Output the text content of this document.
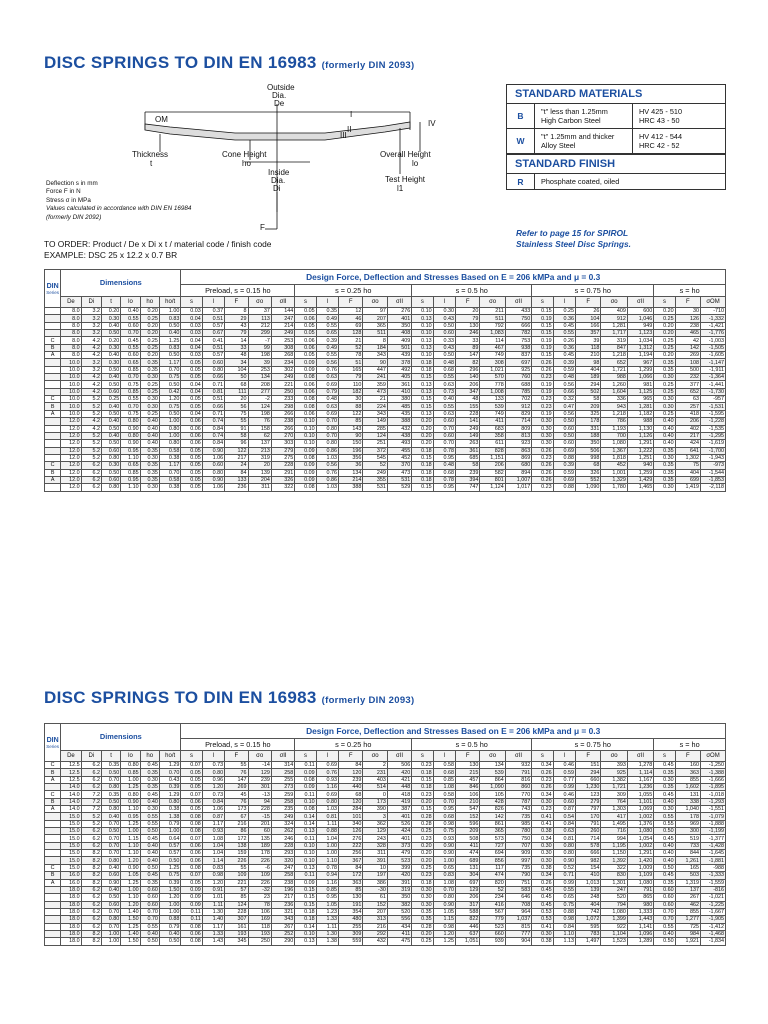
DISC SPRINGS TO DIN EN 16983 (formerly DIN 2093)
Outside
Dia.
De
OM
Thickness
t
Cone Height
ho
Overall Height
lo
Inside
Dia.
Di
Test Height
l1
F
I
II
III
IV
Deflection s in mm
Force F in N
Stress σ in MPa
Values calculated in accordance with DIN EN 16984
(formerly DIN 2092)
TO ORDER: Product / De x Di x t / material code / finish code
EXAMPLE: DSC 25 x 12.2 x 0.7 BR
STANDARD MATERIALS
B	"t" less than 1.25mm
High Carbon Steel
HV 425 - 510
HRC 43 - 50
W	"t" 1.25mm and thicker
Alloy Steel
HV 412 - 544
HRC 42 - 52
STANDARD FINISH
R	Phosphate coated, oiled
Refer to page 15 for SPIROL
Stainless Steel Disc Springs.
DIN
Series	Dimensions						Design Force, Deflection and Stresses Based on E = 206 kMPa and μ = 0.3																						
							Preload, s = 0.15 ho					s = 0.25 ho					s = 0.5 ho					s = 0.75 ho					s = ho		
	De	Di	t	lo	ho	ho/t	s	l	F	σo	σII	s	l	F	σo	σII	s	l	F	σo	σII	s	l	F	σo	σII	s	F	σOM
	8.0	3.2	0.20	0.40	0.20	1.00	0.03	0.37	8	37	144	0.05	0.35	12	97	276	0.10	0.30	20	211	433	0.15	0.25	26	409	600	0.20	30	-710
	8.0	3.2	0.30	0.55	0.25	0.83	0.04	0.51	29	113	247	0.06	0.49	46	207	401	0.13	0.43	79	511	750	0.19	0.36	104	912	1,046	0.25	126	-1,332
	8.0	3.2	0.40	0.60	0.20	0.50	0.03	0.57	43	212	214	0.05	0.55	69	365	350	0.10	0.50	130	792	666	0.15	0.45	166	1,281	949	0.20	238	-1,421
	8.0	3.2	0.50	0.70	0.20	0.40	0.03	0.67	79	299	249	0.05	0.65	128	511	408	0.10	0.60	246	1,083	782	0.15	0.55	357	1,717	1,123	0.20	465	-1,776
C	8.0	4.2	0.20	0.45	0.25	1.25	0.04	0.41	14	-7	253	0.06	0.39	21	8	409	0.13	0.33	33	114	753	0.19	0.26	39	319	1,034	0.25	42	-1,003
B	8.0	4.2	0.30	0.55	0.25	0.83	0.04	0.51	33	99	308	0.06	0.49	52	184	501	0.13	0.43	89	467	938	0.19	0.36	118	847	1,312	0.25	142	-1,505
A	8.0	4.2	0.40	0.60	0.20	0.50	0.03	0.57	48	198	268	0.05	0.55	78	343	439	0.10	0.50	147	749	837	0.15	0.45	210	1,218	1,194	0.20	269	-1,605
	10.0	3.2	0.30	0.65	0.35	1.17	0.05	0.60	34	39	234	0.09	0.56	51	90	378	0.18	0.48	82	308	697	0.26	0.39	98	652	967	0.35	108	-1,147
	10.0	3.2	0.50	0.85	0.35	0.70	0.05	0.80	104	253	302	0.09	0.76	165	447	492	0.18	0.68	296	1,021	925	0.26	0.59	404	1,721	1,299	0.35	500	-1,911
	10.0	4.2	0.40	0.70	0.30	0.75	0.05	0.66	50	134	249	0.08	0.63	79	241	405	0.15	0.55	140	570	760	0.23	0.48	189	988	1,066	0.30	232	-1,364
	10.0	4.2	0.50	0.75	0.25	0.50	0.04	0.71	68	208	221	0.06	0.69	110	359	361	0.13	0.63	206	778	688	0.19	0.56	294	1,260	981	0.25	377	-1,441
	10.0	4.2	0.60	0.85	0.25	0.42	0.04	0.81	111	277	250	0.06	0.79	182	473	410	0.13	0.73	347	1,008	785	0.19	0.66	502	1,604	1,125	0.25	652	-1,730
C	10.0	5.2	0.25	0.55	0.30	1.20	0.05	0.51	20	-2	233	0.08	0.48	30	21	380	0.15	0.40	48	133	702	0.23	0.32	58	336	965	0.30	63	-957
B	10.0	5.2	0.40	0.70	0.30	0.75	0.05	0.66	56	124	298	0.08	0.63	88	224	485	0.15	0.55	155	539	912	0.23	0.47	209	943	1,281	0.30	257	-1,531
A	10.0	5.2	0.50	0.75	0.25	0.50	0.04	0.71	75	198	266	0.06	0.69	122	343	435	0.13	0.63	228	749	829	0.19	0.56	325	1,218	1,182	0.25	418	-1,595
	12.0	4.2	0.40	0.80	0.40	1.00	0.06	0.74	55	76	238	0.10	0.70	85	149	388	0.20	0.60	141	411	714	0.30	0.50	178	786	988	0.40	206	-1,228
	12.0	4.2	0.50	0.90	0.40	0.80	0.06	0.84	91	158	266	0.10	0.80	143	285	432	0.20	0.70	249	683	809	0.30	0.60	331	1,193	1,130	0.40	402	-1,535
	12.0	5.2	0.40	0.80	0.40	1.00	0.06	0.74	58	62	270	0.10	0.70	90	124	438	0.20	0.60	149	358	813	0.30	0.50	188	700	1,126	0.40	217	-1,295
	12.0	5.2	0.50	0.90	0.40	0.80	0.06	0.84	96	137	303	0.10	0.80	150	251	493	0.20	0.70	263	611	923	0.30	0.60	350	1,080	1,291	0.40	424	-1,619
	12.0	5.2	0.60	0.95	0.35	0.58	0.05	0.90	122	213	279	0.09	0.86	196	372	455	0.18	0.78	361	828	863	0.26	0.69	506	1,367	1,222	0.35	641	-1,700
	12.0	5.2	0.80	1.10	0.30	0.38	0.05	1.06	217	319	275	0.08	1.03	356	545	452	0.15	0.95	685	1,151	869	0.23	0.88	998	1,818	1,251	0.30	1,302	-1,943
C	12.0	6.2	0.30	0.65	0.35	1.17	0.05	0.60	24	20	228	0.09	0.56	36	52	370	0.18	0.48	58	206	680	0.26	0.39	68	452	940	0.35	75	-973
B	12.0	6.2	0.50	0.85	0.35	0.70	0.05	0.80	84	139	291	0.09	0.76	134	249	473	0.18	0.68	239	582	894	0.26	0.59	326	1,001	1,259	0.35	404	-1,544
A	12.0	6.2	0.60	0.95	0.35	0.58	0.05	0.90	133	204	326	0.09	0.86	214	355	531	0.18	0.78	394	801	1,007	0.26	0.69	552	1,329	1,429	0.35	699	-1,853
	12.0	6.2	0.80	1.10	0.30	0.38	0.05	1.06	236	311	322	0.08	1.03	388	531	529	0.15	0.95	747	1,124	1,017	0.23	0.88	1,090	1,780	1,465	0.30	1,419	-2,118
DISC SPRINGS TO DIN EN 16983 (formerly DIN 2093)
DIN
Series	Dimensions						Design Force, Deflection and Stresses Based on E = 206 kMPa and μ = 0.3																						
							Preload, s = 0.15 ho					s = 0.25 ho					s = 0.5 ho					s = 0.75 ho					s = ho		
	De	Di	t	lo	ho	ho/t	s	l	F	σo	σII	s	l	F	σo	σII	s	l	F	σo	σII	s	l	F	σo	σII	s	F	σOM
C	12.5	6.2	0.35	0.80	0.45	1.29	0.07	0.73	55	-14	314	0.11	0.69	84	2	506	0.23	0.58	130	134	932	0.34	0.46	151	393	1,278	0.45	160	-1,250
B	12.5	6.2	0.50	0.85	0.35	0.70	0.05	0.80	76	129	258	0.09	0.76	120	231	420	0.18	0.68	215	539	791	0.26	0.59	294	925	1,114	0.35	363	-1,388
A	12.5	6.2	0.70	1.00	0.30	0.43	0.05	0.96	147	239	255	0.08	0.93	239	403	421	0.15	0.85	457	864	816	0.23	0.77	660	1,382	1,167	0.30	855	-1,666
	14.0	6.2	0.80	1.25	0.35	0.39	0.05	1.20	269	301	273	0.09	1.16	440	514	448	0.18	1.08	846	1,090	860	0.26	0.99	1,230	1,721	1,236	0.35	1,602	-1,895
C	14.0	7.2	0.35	0.80	0.45	1.29	0.07	0.73	45	-13	259	0.11	0.69	68	0	418	0.23	0.58	106	105	770	0.34	0.46	123	309	1,055	0.45	131	-1,018
B	14.0	7.2	0.50	0.90	0.40	0.80	0.06	0.84	76	94	258	0.10	0.80	120	173	419	0.20	0.70	210	428	787	0.30	0.60	279	764	1,101	0.40	338	-1,293
A	14.0	7.2	0.80	1.10	0.30	0.38	0.05	1.06	173	228	235	0.08	1.03	284	390	387	0.15	0.95	547	826	743	0.23	0.87	797	1,303	1,069	0.30	1,040	-1,551
	15.0	5.2	0.40	0.95	0.55	1.38	0.08	0.87	67	-15	249	0.14	0.81	101	3	401	0.28	0.68	152	142	735	0.41	0.54	170	417	1,002	0.55	178	-1,079
	15.0	5.2	0.70	1.25	0.55	0.79	0.08	1.17	216	201	324	0.14	1.11	340	362	526	0.28	0.98	596	861	985	0.41	0.84	791	1,495	1,376	0.55	969	-1,888
	15.0	6.2	0.50	1.00	0.50	1.00	0.08	0.93	86	60	262	0.13	0.88	126	129	424	0.25	0.75	209	365	780	0.38	0.63	260	716	1,080	0.50	300	-1,199
	15.0	6.2	0.70	1.15	0.45	0.64	0.07	1.08	172	135	246	0.11	1.04	276	243	401	0.23	0.93	508	573	750	0.34	0.81	714	994	1,054	0.45	519	-1,377
	15.0	6.2	0.70	1.10	0.40	0.57	0.06	1.04	138	189	228	0.10	1.00	222	328	373	0.20	0.90	411	727	707	0.30	0.80	578	1,195	1,002	0.40	733	-1,428
	15.0	8.2	0.70	1.10	0.40	0.57	0.06	1.04	159	178	293	0.10	1.00	256	311	479	0.20	0.90	474	694	909	0.30	0.80	666	1,150	1,291	0.40	844	-1,645
	15.0	8.2	0.80	1.20	0.40	0.50	0.06	1.14	226	226	320	0.10	1.10	367	391	523	0.20	1.00	689	856	997	0.30	0.90	982	1,392	1,420	0.40	1,261	-1,881
C	15.0	8.2	0.40	0.90	0.50	1.25	0.08	0.83	55	-6	247	0.13	0.78	84	10	399	0.25	0.65	131	117	735	0.38	0.52	154	322	1,009	0.50	165	-988
B	16.0	8.2	0.60	1.05	0.45	0.75	0.07	0.98	109	109	258	0.11	0.94	172	197	420	0.23	0.83	304	474	790	0.34	0.71	410	830	1,109	0.45	503	-1,333
A	16.0	8.2	0.90	1.25	0.35	0.39	0.05	1.20	221	226	238	0.09	1.16	363	386	391	0.18	1.08	697	820	751	0.26	0.99	1,013	1,301	1,080	0.35	1,319	-1,559
	18.0	6.2	0.40	1.00	0.60	1.50	0.09	0.91	57	-32	196	0.15	0.85	85	-30	319	0.30	0.70	129	52	583	0.45	0.55	139	247	791	0.60	137	-816
	18.0	6.2	0.50	1.10	0.60	1.20	0.09	1.01	85	23	217	0.15	0.95	130	61	350	0.30	0.80	206	234	646	0.45	0.65	248	520	865	0.60	267	-1,021
	18.0	6.2	0.60	1.20	0.60	1.00	0.09	1.11	124	78	236	0.15	1.05	191	152	382	0.30	0.90	317	416	708	0.45	0.75	404	794	980	0.60	462	-1,225
	18.0	6.2	0.70	1.40	0.70	1.00	0.11	1.30	228	106	321	0.18	1.23	354	207	520	0.35	1.05	588	567	964	0.53	0.88	742	1,080	1,333	0.70	855	-1,667
	18.0	6.2	0.80	1.50	0.70	0.88	0.11	1.40	307	169	343	0.18	1.33	480	313	556	0.35	1.15	822	779	1,037	0.53	0.98	1,072	1,399	1,443	0.70	1,277	-1,905
	18.0	6.2	0.70	1.25	0.55	0.79	0.08	1.17	161	118	267	0.14	1.11	255	216	434	0.28	0.98	446	523	815	0.41	0.84	595	922	1,141	0.55	725	-1,412
	18.0	8.2	1.00	1.40	0.40	0.40	0.06	1.33	193	193	252	0.10	1.30	309	292	411	0.20	1.20	637	660	777	0.30	1.10	783	1,104	1,096	0.40	984	-1,468
	18.0	8.2	1.00	1.50	0.50	0.50	0.08	1.43	345	250	290	0.13	1.38	559	432	475	0.25	1.25	1,051	939	904	0.38	1.13	1,497	1,523	1,289	0.50	1,921	-1,834
